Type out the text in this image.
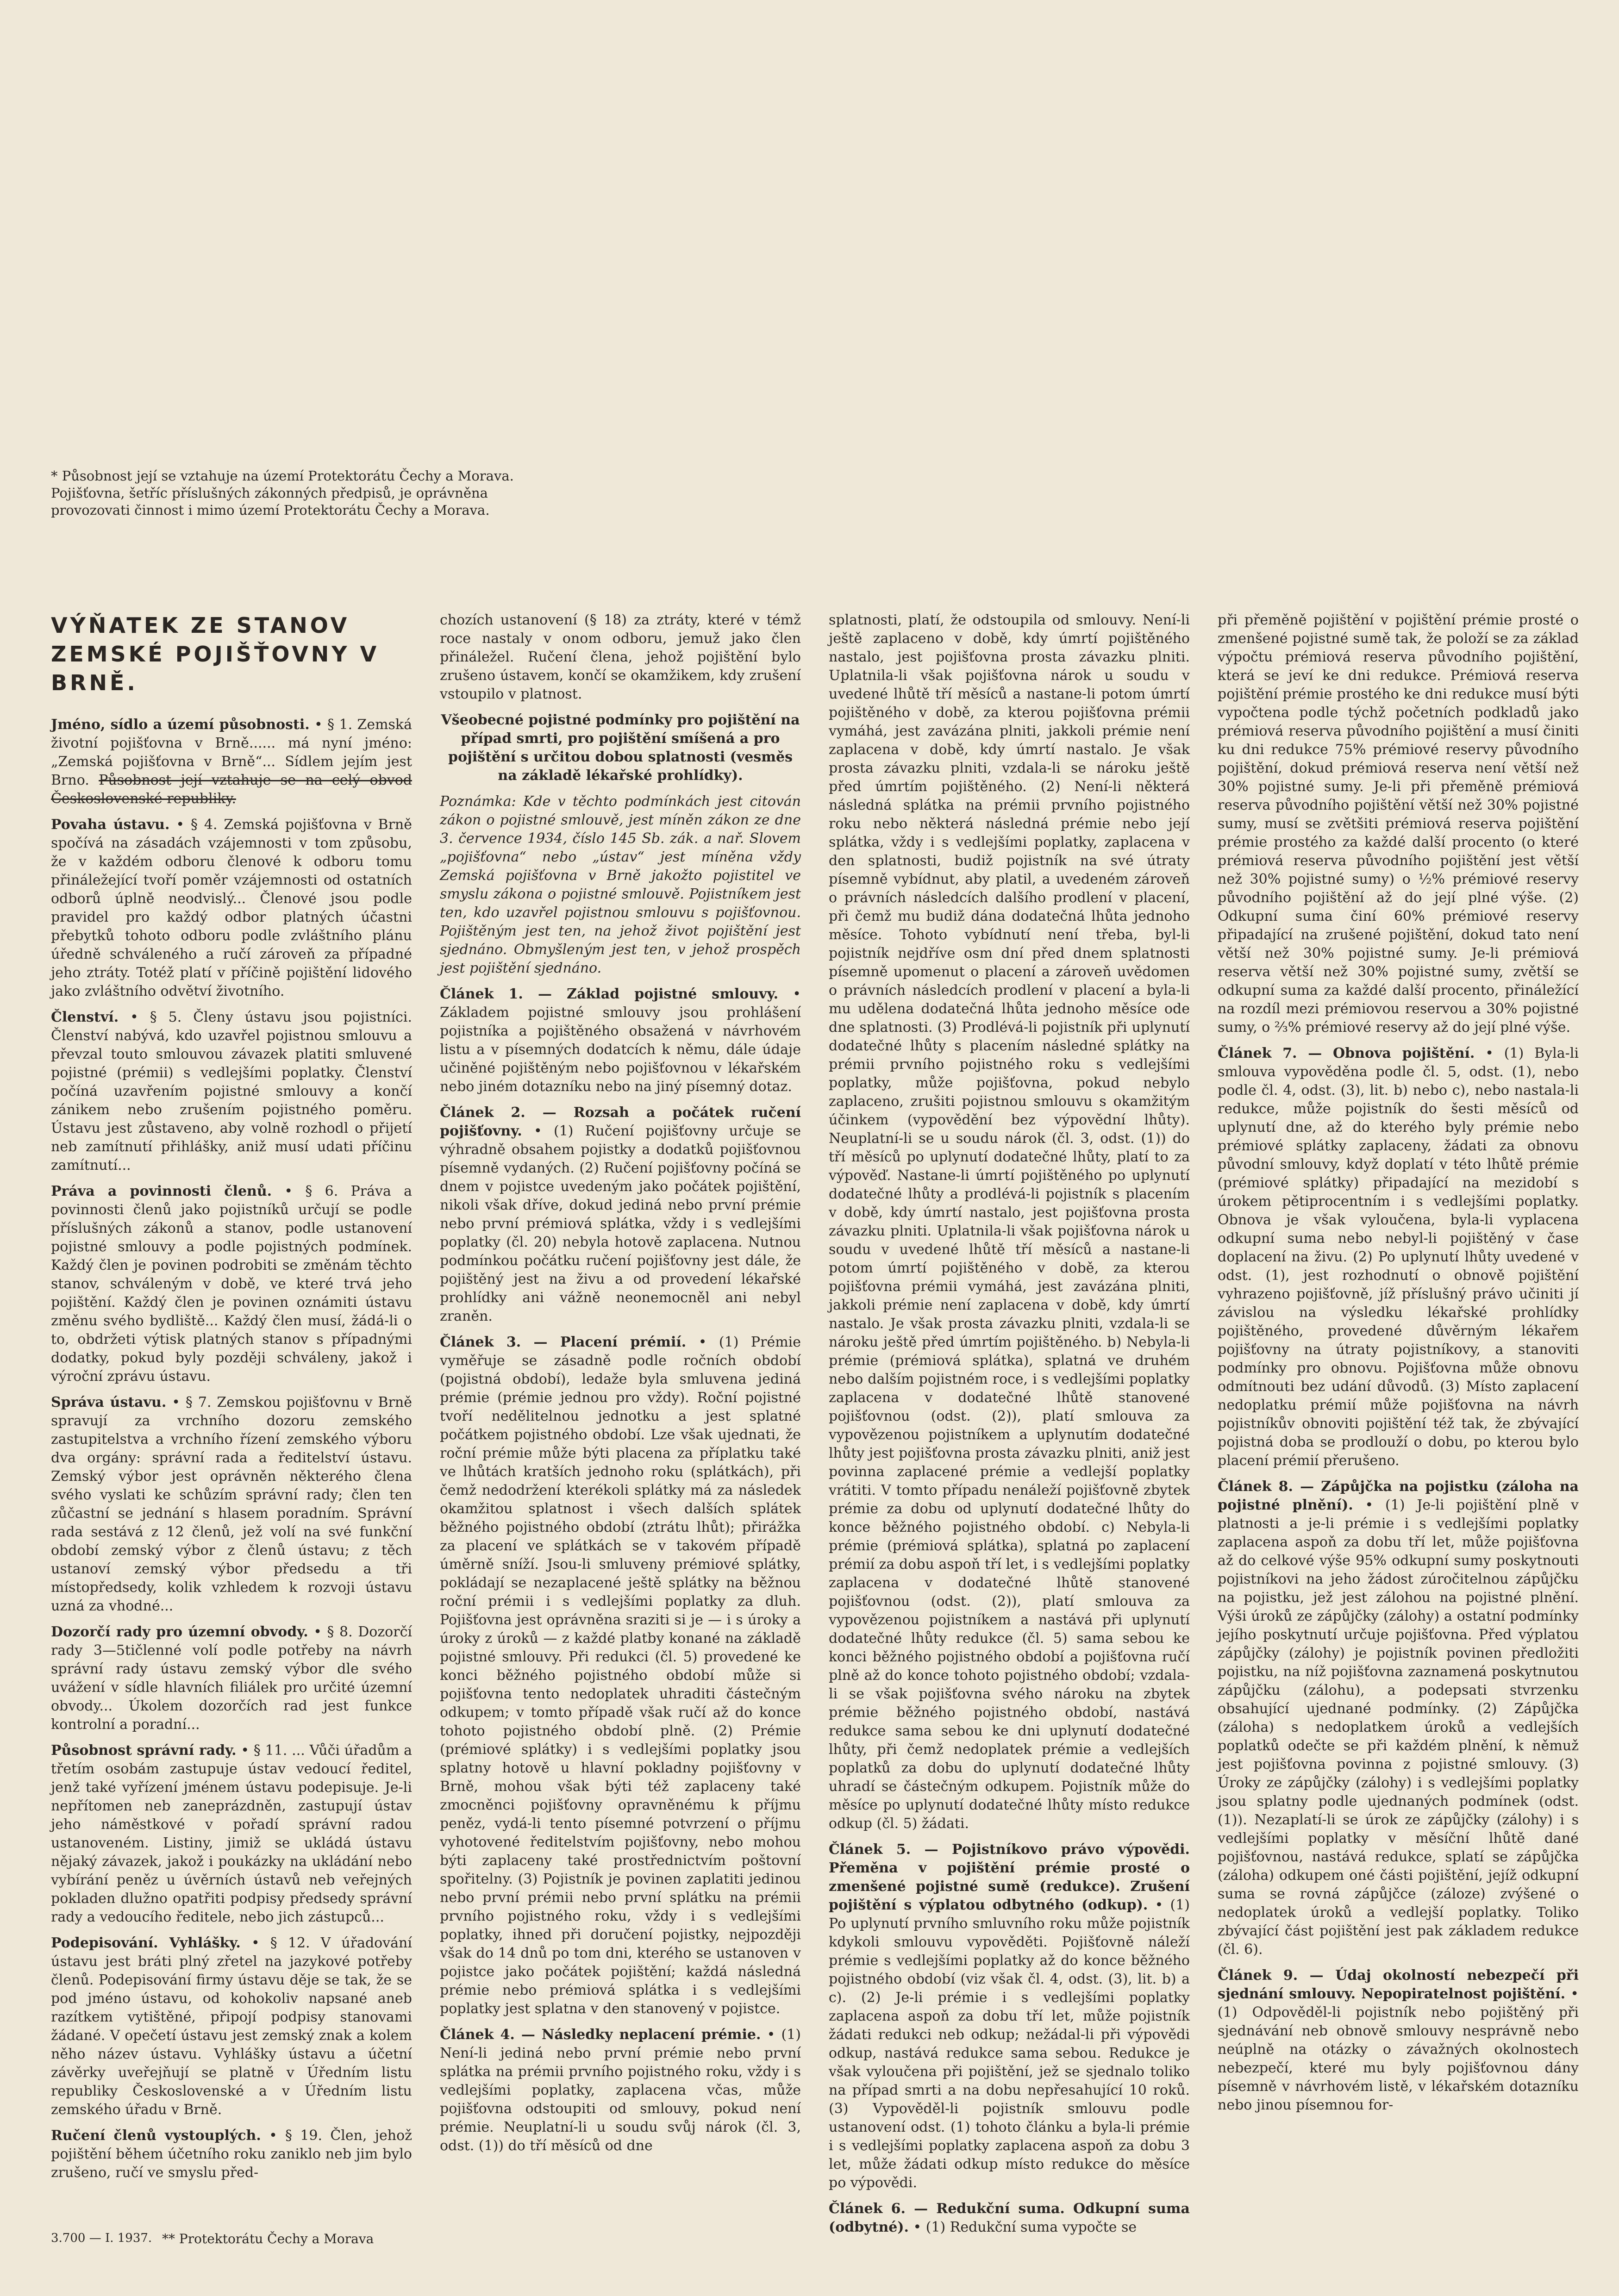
* Působnost její se vztahuje na území Protektorátu Čechy a Morava. Pojišťovna, šetříc příslušných zákonných předpisů, je oprávněna provozovati činnost i mimo území Protektorátu Čechy a Morava.

VÝŇATEK ZE STANOV ZEMSKÉ POJIŠŤOVNY V BRNĚ.

Jméno, sídlo a území působnosti. • § 1. Zemská životní pojišťovna v Brně...... má nyní jméno: „Zemská pojišťovna v Brně“... Sídlem jejím jest Brno. Působnost její vztahuje se na celý obvod Československé republiky.

Povaha ústavu. • § 4. Zemská pojišťovna v Brně spočívá na zásadách vzájemnosti v tom způsobu, že v každém odboru členové k odboru tomu přináležející tvoří poměr vzájemnosti od ostatních odborů úplně neodvislý... Členové jsou podle pravidel pro každý odbor platných účastni přebytků tohoto odboru podle zvláštního plánu úředně schváleného a ručí zároveň za případné jeho ztráty. Totéž platí v příčině pojištění lidového jako zvláštního odvětví životního.

Členství. • § 5. Členy ústavu jsou pojistníci. Členství nabývá, kdo uzavřel pojistnou smlouvu a převzal touto smlouvou závazek platiti smluvené pojistné (prémii) s vedlejšími poplatky. Členství počíná uzavřením pojistné smlouvy a končí zánikem nebo zrušením pojistného poměru. Ústavu jest zůstaveno, aby volně rozhodl o přijetí neb zamítnutí přihlášky, aniž musí udati příčinu zamítnutí...

Práva a povinnosti členů. • § 6. Práva a povinnosti členů jako pojistníků určují se podle příslušných zákonů a stanov, podle ustanovení pojistné smlouvy a podle pojistných podmínek. Každý člen je povinen podrobiti se změnám těchto stanov, schváleným v době, ve které trvá jeho pojištění. Každý člen je povinen oznámiti ústavu změnu svého bydliště... Každý člen musí, žádá-li o to, obdržeti výtisk platných stanov s případnými dodatky, pokud byly později schváleny, jakož i výroční zprávu ústavu.

Správa ústavu. • § 7. Zemskou pojišťovnu v Brně spravují za vrchního dozoru zemského zastupitelstva a vrchního řízení zemského výboru dva orgány: správní rada a ředitelství ústavu. Zemský výbor jest oprávněn některého člena svého vyslati ke schůzím správní rady; člen ten zůčastní se jednání s hlasem poradním. Správní rada sestává z 12 členů, jež volí na své funkční období zemský výbor z členů ústavu; z těch ustanoví zemský výbor předsedu a tři místopředsedy, kolik vzhledem k rozvoji ústavu uzná za vhodné...

Dozorčí rady pro územní obvody. • § 8. Dozorčí rady 3—5tičlenné volí podle potřeby na návrh správní rady ústavu zemský výbor dle svého uvážení v sídle hlavních filiálek pro určité územní obvody... Úkolem dozorčích rad jest funkce kontrolní a poradní...

Působnost správní rady. • § 11. ... Vůči úřadům a třetím osobám zastupuje ústav vedoucí ředitel, jenž také vyřízení jménem ústavu podepisuje. Je-li nepřítomen neb zaneprázdněn, zastupují ústav jeho náměstkové v pořadí správní radou ustanoveném. Listiny, jimiž se ukládá ústavu nějaký závazek, jakož i poukázky na ukládání nebo vybírání peněz u úvěrních ústavů neb veřejných pokladen dlužno opatřiti podpisy předsedy správní rady a vedoucího ředitele, nebo jich zástupců...

Podepisování. Vyhlášky. • § 12. V úřadování ústavu jest bráti plný zřetel na jazykové potřeby členů. Podepisování firmy ústavu děje se tak, že se pod jméno ústavu, od kohokoliv napsané aneb razítkem vytištěné, připojí podpisy stanovami žádané. V opečetí ústavu jest zemský znak a kolem něho název ústavu. Vyhlášky ústavu a účetní závěrky uveřejňují se platně v Úředním listu republiky Československé a v Úředním listu zemského úřadu v Brně.

Ručení členů vystouplých. • § 19. Člen, jehož pojištění během účetního roku zaniklo neb jim bylo zrušeno, ručí ve smyslu před-

chozích ustanovení (§ 18) za ztráty, které v témž roce nastaly v onom odboru, jemuž jako člen přináležel. Ručení člena, jehož pojištění bylo zrušeno ústavem, končí se okamžikem, kdy zrušení vstoupilo v platnost.

Všeobecné pojistné podmínky pro pojištění na případ smrti, pro pojištění smíšená a pro pojištění s určitou dobou splatnosti (vesměs na základě lékařské prohlídky).

Poznámka: Kde v těchto podmínkách jest citován zákon o pojistné smlouvě, jest míněn zákon ze dne 3. července 1934, číslo 145 Sb. zák. a nař. Slovem „pojišťovna“ nebo „ústav“ jest míněna vždy Zemská pojišťovna v Brně jakožto pojistitel ve smyslu zákona o pojistné smlouvě. Pojistníkem jest ten, kdo uzavřel pojistnou smlouvu s pojišťovnou. Pojištěným jest ten, na jehož život pojištění jest sjednáno. Obmyšleným jest ten, v jehož prospěch jest pojištění sjednáno.

Článek 1. — Základ pojistné smlouvy. • Základem pojistné smlouvy jsou prohlášení pojistníka a pojištěného obsažená v návrhovém listu a v písemných dodatcích k němu, dále údaje učiněné pojištěným nebo pojišťovnou v lékařském nebo jiném dotazníku nebo na jiný písemný dotaz.

Článek 2. — Rozsah a počátek ručení pojišťovny. • (1) Ručení pojišťovny určuje se výhradně obsahem pojistky a dodatků pojišťovnou písemně vydaných. (2) Ručení pojišťovny počíná se dnem v pojistce uvedeným jako počátek pojištění, nikoli však dříve, dokud jediná nebo první prémie nebo první prémiová splátka, vždy i s vedlejšími poplatky (čl. 20) nebyla hotově zaplacena. Nutnou podmínkou počátku ručení pojišťovny jest dále, že pojištěný jest na živu a od provedení lékařské prohlídky ani vážně neonemocněl ani nebyl zraněn.

Článek 3. — Placení prémií. • (1) Prémie vyměřuje se zásadně podle ročních období (pojistná období), ledaže byla smluvena jediná prémie (prémie jednou pro vždy). Roční pojistné tvoří nedělitelnou jednotku a jest splatné počátkem pojistného období. Lze však ujednati, že roční prémie může býti placena za příplatku také ve lhůtách kratších jednoho roku (splátkách), při čemž nedodržení kterékoli splátky má za následek okamžitou splatnost i všech dalších splátek běžného pojistného období (ztrátu lhůt); přirážka za placení ve splátkách se v takovém případě úměrně sníží. Jsou-li smluveny prémiové splátky, pokládají se nezaplacené ještě splátky na běžnou roční prémii i s vedlejšími poplatky za dluh. Pojišťovna jest oprávněna sraziti si je — i s úroky a úroky z úroků — z každé platby konané na základě pojistné smlouvy. Při redukci (čl. 5) provedené ke konci běžného pojistného období může si pojišťovna tento nedoplatek uhraditi částečným odkupem; v tomto případě však ručí až do konce tohoto pojistného období plně. (2) Prémie (prémiové splátky) i s vedlejšími poplatky jsou splatny hotově u hlavní pokladny pojišťovny v Brně, mohou však býti též zaplaceny také zmocněnci pojišťovny opravněnému k příjmu peněz, vydá-li tento písemné potvrzení o příjmu vyhotovené ředitelstvím pojišťovny, nebo mohou býti zaplaceny také prostřednictvím poštovní spořitelny. (3) Pojistník je povinen zaplatiti jedinou nebo první prémii nebo první splátku na prémii prvního pojistného roku, vždy i s vedlejšími poplatky, ihned při doručení pojistky, nejpozději však do 14 dnů po tom dni, kterého se ustanoven v pojistce jako počátek pojištění; každá následná prémie nebo prémiová splátka i s vedlejšími poplatky jest splatna v den stanovený v pojistce.

Článek 4. — Následky neplacení prémie. • (1) Není-li jediná nebo první prémie nebo první splátka na prémii prvního pojistného roku, vždy i s vedlejšími poplatky, zaplacena včas, může pojišťovna odstoupiti od smlouvy, pokud není prémie. Neuplatní-li u soudu svůj nárok (čl. 3, odst. (1)) do tří měsíců od dne

splatnosti, platí, že odstoupila od smlouvy. Není-li ještě zaplaceno v době, kdy úmrtí pojištěného nastalo, jest pojišťovna prosta závazku plniti. Uplatnila-li však pojišťovna nárok u soudu v uvedené lhůtě tří měsíců a nastane-li potom úmrtí pojištěného v době, za kterou pojišťovna prémii vymáhá, jest zavázána plniti, jakkoli prémie není zaplacena v době, kdy úmrtí nastalo. Je však prosta závazku plniti, vzdala-li se nároku ještě před úmrtím pojištěného. (2) Není-li některá následná splátka na prémii prvního pojistného roku nebo některá následná prémie nebo její splátka, vždy i s vedlejšími poplatky, zaplacena v den splatnosti, budiž pojistník na své útraty písemně vybídnut, aby platil, a uvedeném zároveň o právních následcích dalšího prodlení v placení, při čemž mu budiž dána dodatečná lhůta jednoho měsíce. Tohoto vybídnutí není třeba, byl-li pojistník nejdříve osm dní před dnem splatnosti písemně upomenut o placení a zároveň uvědomen o právních následcích prodlení v placení a byla-li mu udělena dodatečná lhůta jednoho měsíce ode dne splatnosti. (3) Prodlévá-li pojistník při uplynutí dodatečné lhůty s placením následné splátky na prémii prvního pojistného roku s vedlejšími poplatky, může pojišťovna, pokud nebylo zaplaceno, zrušiti pojistnou smlouvu s okamžitým účinkem (vypovědění bez výpovědní lhůty). Neuplatní-li se u soudu nárok (čl. 3, odst. (1)) do tří měsíců po uplynutí dodatečné lhůty, platí to za výpověď. Nastane-li úmrtí pojištěného po uplynutí dodatečné lhůty a prodlévá-li pojistník s placením v době, kdy úmrtí nastalo, jest pojišťovna prosta závazku plniti. Uplatnila-li však pojišťovna nárok u soudu v uvedené lhůtě tří měsíců a nastane-li potom úmrtí pojištěného v době, za kterou pojišťovna prémii vymáhá, jest zavázána plniti, jakkoli prémie není zaplacena v době, kdy úmrtí nastalo. Je však prosta závazku plniti, vzdala-li se nároku ještě před úmrtím pojištěného. b) Nebyla-li prémie (prémiová splátka), splatná ve druhém nebo dalším pojistném roce, i s vedlejšími poplatky zaplacena v dodatečné lhůtě stanovené pojišťovnou (odst. (2)), platí smlouva za vypovězenou pojistníkem a uplynutím dodatečné lhůty jest pojišťovna prosta závazku plniti, aniž jest povinna zaplacené prémie a vedlejší poplatky vrátiti. V tomto případu nenáleží pojišťovně zbytek prémie za dobu od uplynutí dodatečné lhůty do konce běžného pojistného období. c) Nebyla-li prémie (prémiová splátka), splatná po zaplacení prémií za dobu aspoň tří let, i s vedlejšími poplatky zaplacena v dodatečné lhůtě stanovené pojišťovnou (odst. (2)), platí smlouva za vypovězenou pojistníkem a nastává při uplynutí dodatečné lhůty redukce (čl. 5) sama sebou ke konci běžného pojistného období a pojišťovna ručí plně až do konce tohoto pojistného období; vzdala-li se však pojišťovna svého nároku na zbytek prémie běžného pojistného období, nastává redukce sama sebou ke dni uplynutí dodatečné lhůty, při čemž nedoplatek prémie a vedlejších poplatků za dobu do uplynutí dodatečné lhůty uhradí se částečným odkupem. Pojistník může do měsíce po uplynutí dodatečné lhůty místo redukce odkup (čl. 5) žádati.

Článek 5. — Pojistníkovo právo výpovědi. Přeměna v pojištění prémie prosté o zmenšené pojistné sumě (redukce). Zrušení pojištění s výplatou odbytného (odkup). • (1) Po uplynutí prvního smluvního roku může pojistník kdykoli smlouvu vypověděti. Pojišťovně náleží prémie s vedlejšími poplatky až do konce běžného pojistného období (viz však čl. 4, odst. (3), lit. b) a c). (2) Je-li prémie i s vedlejšími poplatky zaplacena aspoň za dobu tří let, může pojistník žádati redukci neb odkup; nežádal-li při výpovědi odkup, nastává redukce sama sebou. Redukce je však vyloučena při pojištění, jež se sjednalo toliko na případ smrti a na dobu nepřesahující 10 roků. (3) Vypověděl-li pojistník smlouvu podle ustanovení odst. (1) tohoto článku a byla-li prémie i s vedlejšími poplatky zaplacena aspoň za dobu 3 let, může žádati odkup místo redukce do měsíce po výpovědi.

Článek 6. — Redukční suma. Odkupní suma (odbytné). • (1) Redukční suma vypočte se

při přeměně pojištění v pojištění prémie prosté o zmenšené pojistné sumě tak, že položí se za základ výpočtu prémiová reserva původního pojištění, která se jeví ke dni redukce. Prémiová reserva pojištění prémie prostého ke dni redukce musí býti vypočtena podle týchž početních podkladů jako prémiová reserva původního pojištění a musí činiti ku dni redukce 75% prémiové reservy původního pojištění, dokud prémiová reserva není větší než 30% pojistné sumy. Je-li při přeměně prémiová reserva původního pojištění větší než 30% pojistné sumy, musí se zvětšiti prémiová reserva pojištění prémie prostého za každé další procento (o které prémiová reserva původního pojištění jest větší než 30% pojistné sumy) o ½% prémiové reservy původního pojištění až do její plné výše. (2) Odkupní suma činí 60% prémiové reservy připadající na zrušené pojištění, dokud tato není větší než 30% pojistné sumy. Je-li prémiová reserva větší než 30% pojistné sumy, zvětší se odkupní suma za každé další procento, přináležící na rozdíl mezi prémiovou reservou a 30% pojistné sumy, o ⅔% prémiové reservy až do její plné výše.

Článek 7. — Obnova pojištění. • (1) Byla-li smlouva vypověděna podle čl. 5, odst. (1), nebo podle čl. 4, odst. (3), lit. b) nebo c), nebo nastala-li redukce, může pojistník do šesti měsíců od uplynutí dne, až do kterého byly prémie nebo prémiové splátky zaplaceny, žádati za obnovu původní smlouvy, když doplatí v této lhůtě prémie (prémiové splátky) připadající na mezidobí s úrokem pětiprocentním i s vedlejšími poplatky. Obnova je však vyloučena, byla-li vyplacena odkupní suma nebo nebyl-li pojištěný v čase doplacení na živu. (2) Po uplynutí lhůty uvedené v odst. (1), jest rozhodnutí o obnově pojištění vyhrazeno pojišťovně, jíž příslušný právo učiniti jí závislou na výsledku lékařské prohlídky pojištěného, provedené důvěrným lékařem pojišťovny na útraty pojistníkovy, a stanoviti podmínky pro obnovu. Pojišťovna může obnovu odmítnouti bez udání důvodů. (3) Místo zaplacení nedoplatku prémií může pojišťovna na návrh pojistníkův obnoviti pojištění též tak, že zbývající pojistná doba se prodlouží o dobu, po kterou bylo placení prémií přerušeno.

Článek 8. — Zápůjčka na pojistku (záloha na pojistné plnění). • (1) Je-li pojištění plně v platnosti a je-li prémie i s vedlejšími poplatky zaplacena aspoň za dobu tří let, může pojišťovna až do celkové výše 95% odkupní sumy poskytnouti pojistníkovi na jeho žádost zúročitelnou zápůjčku na pojistku, jež jest zálohou na pojistné plnění. Výši úroků ze zápůjčky (zálohy) a ostatní podmínky jejího poskytnutí určuje pojišťovna. Před výplatou zápůjčky (zálohy) je pojistník povinen předložiti pojistku, na níž pojišťovna zaznamená poskytnutou zápůjčku (zálohu), a podepsati stvrzenku obsahující ujednané podmínky. (2) Zápůjčka (záloha) s nedoplatkem úroků a vedlejších poplatků odečte se při každém plnění, k němuž jest pojišťovna povinna z pojistné smlouvy. (3) Úroky ze zápůjčky (zálohy) i s vedlejšími poplatky jsou splatny podle ujednaných podmínek (odst. (1)). Nezaplatí-li se úrok ze zápůjčky (zálohy) i s vedlejšími poplatky v měsíční lhůtě dané pojišťovnou, nastává redukce, splatí se zápůjčka (záloha) odkupem oné části pojištění, jejíž odkupní suma se rovná zápůjčce (záloze) zvýšené o nedoplatek úroků a vedlejší poplatky. Toliko zbývající část pojištění jest pak základem redukce (čl. 6).

Článek 9. — Údaj okolností nebezpečí při sjednání smlouvy. Nepopiratelnost pojištění. • (1) Odpověděl-li pojistník nebo pojištěný při sjednávání neb obnově smlouvy nesprávně nebo neúplně na otázky o závažných okolnostech nebezpečí, které mu byly pojišťovnou dány písemně v návrhovém listě, v lékařském dotazníku nebo jinou písemnou for-

3.700 — I. 1937. ** Protektorátu Čechy a Morava
